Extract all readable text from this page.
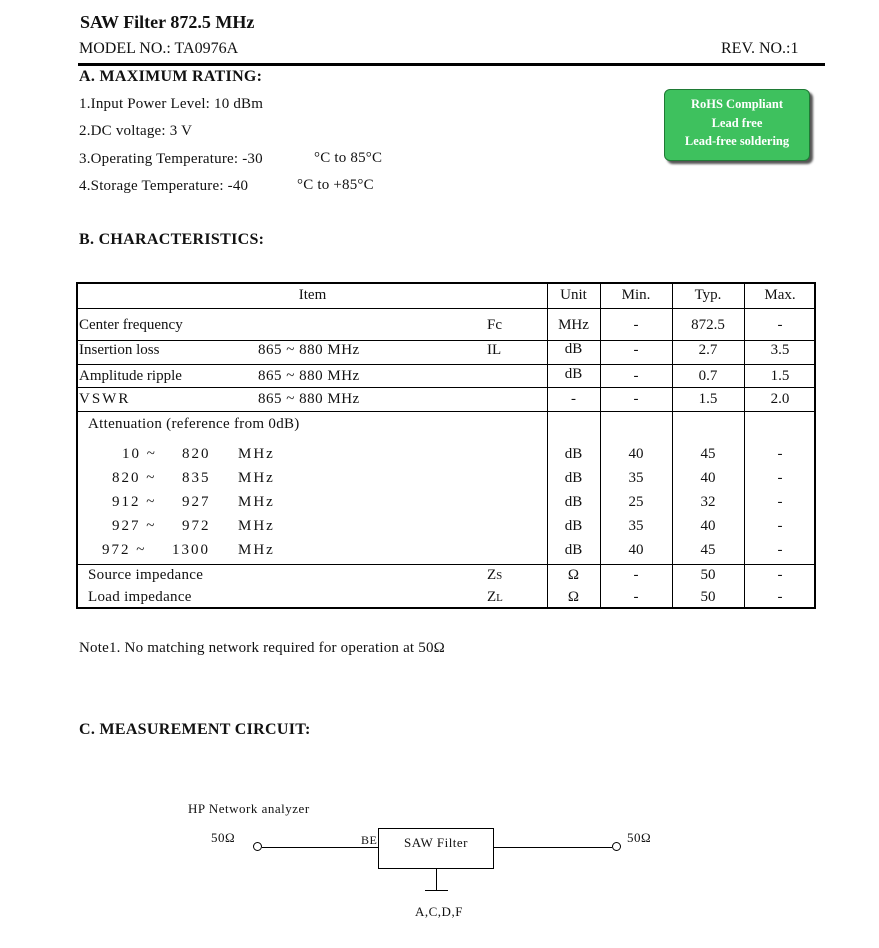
SAW Filter 872.5 MHz
MODEL NO.: TA0976A	REV. NO.:1
A. MAXIMUM RATING:
1.Input Power Level: 10 dBm
2.DC voltage: 3 V
3.Operating Temperature: -30	°C to 85°C
4.Storage Temperature: -40	°C to +85°C
RoHS Compliant
Lead free
Lead-free soldering
B. CHARACTERISTICS:
Item	Unit	Min.	Typ.	Max.
Center frequency	Fc	MHz	-	872.5	-
Insertion loss	865 ~ 880 MHz	IL	dB	-	2.7	3.5
Amplitude ripple	865 ~ 880 MHz	dB	-	0.7	1.5
VSWR	865 ~ 880 MHz	-	-	1.5	2.0
Attenuation (reference from 0dB)
10 ~ 820 MHz	dB	40	45	-
820 ~ 835 MHz	dB	35	40	-
912 ~ 927 MHz	dB	25	32	-
927 ~ 972 MHz	dB	35	40	-
972 ~ 1300 MHz	dB	40	45	-
Source impedance	ZS	Ω	-	50	-
Load impedance	ZL	Ω	-	50	-
Note1. No matching network required for operation at 50Ω
C. MEASUREMENT CIRCUIT:
HP Network analyzer
50Ω	50Ω
BE	SAW Filter
A,C,D,F
